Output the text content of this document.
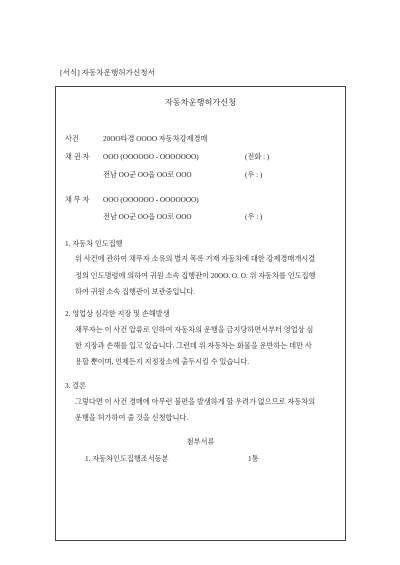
[서식] 자동차운행허가신청서
자동차운행허가신청
사건	20OO타경 OOOO 자동차강제경매
채 권 자 OOO (OOOOOO - OOOOOOO)	(전화 : )
전남 OO군 OO읍 OO로 OOO	(우 : )
채 무 자 OOO (OOOOOO - OOOOOOO)
전남 OO군 OO읍 OO로 OOO	(우 : )
1. 자동차 인도집행
위 사건에 관하여 채무자 소유의 별지 목록 기재 자동차에 대한 강제경매개시결
정의 인도명령에 의하여 귀원 소속 집행관이 20OO. O. O. 위 자동차를 인도집행
하여 귀원 소속 집행관이 보관중입니다.
2. 영업상 심각한 지장 및 손해발생
채무자는 이 사건 압류로 인하여 자동차의 운행을 금지당하면서부터 영업상 심
한 지장과 손해를 입고 있습니다. 그런데 위 자동차는 화물을 운반하는 데만 사
용할 뿐이며, 언제든지 지정장소에 출두시킬 수 있습니다.
3. 결론
그렇다면 이 사건 경매에 아무런 불편을 발생하게 할 우려가 없으므로 자동차의
운행을 허가하여 줄 것을 신청합니다.
첨부서류
1. 자동차인도집행조서등본	1통
